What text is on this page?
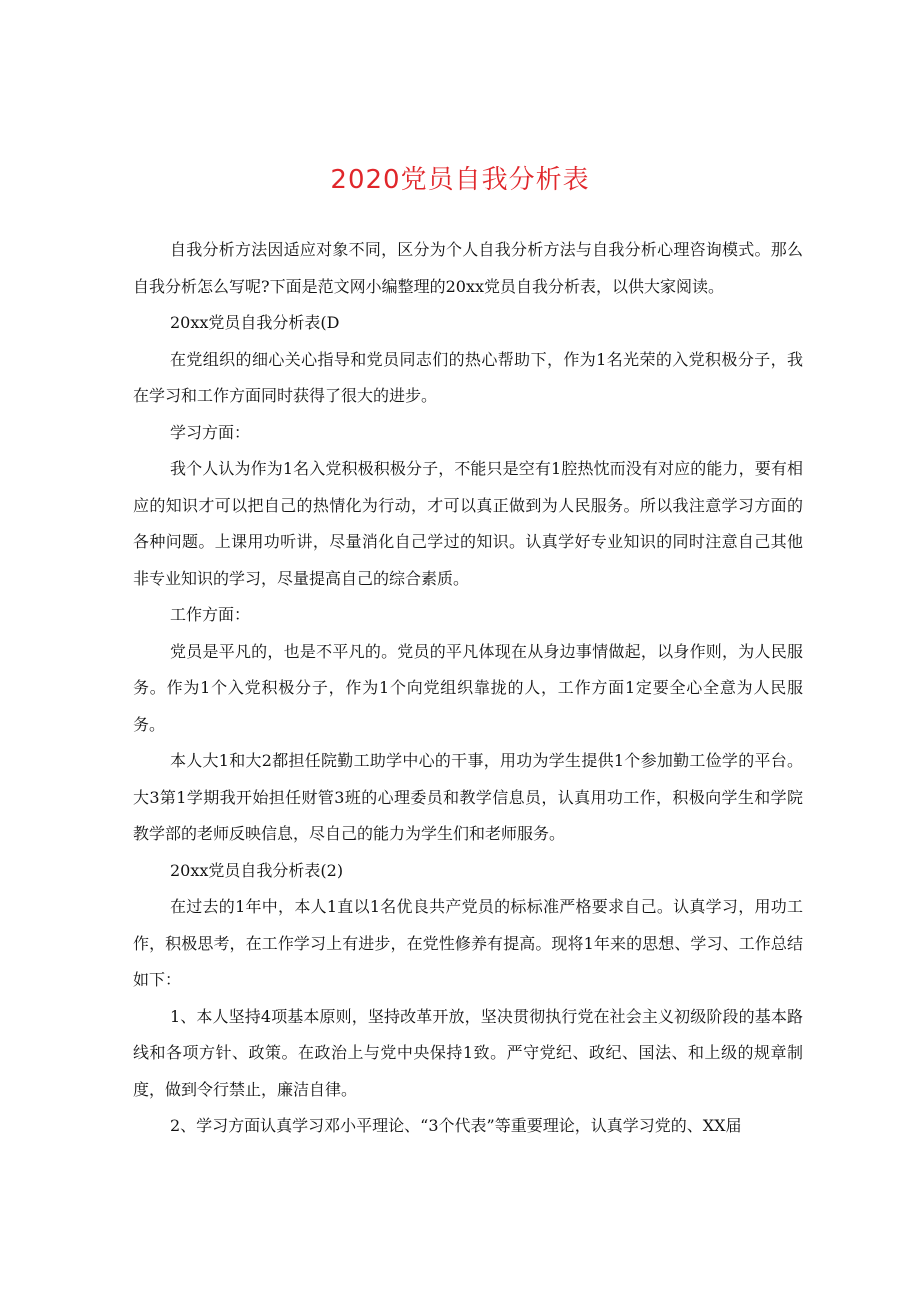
2020党员自我分析表

自我分析方法因适应对象不同，区分为个人自我分析方法与自我分析心理咨询模式。那么自我分析怎么写呢?下面是范文网小编整理的20xx党员自我分析表，以供大家阅读。

20xx党员自我分析表(D

在党组织的细心关心指导和党员同志们的热心帮助下，作为1名光荣的入党积极分子，我在学习和工作方面同时获得了很大的进步。

学习方面：

我个人认为作为1名入党积极积极分子，不能只是空有1腔热忱而没有对应的能力，要有相应的知识才可以把自己的热情化为行动，才可以真正做到为人民服务。所以我注意学习方面的各种问题。上课用功听讲，尽量消化自己学过的知识。认真学好专业知识的同时注意自己其他非专业知识的学习，尽量提高自己的综合素质。

工作方面：

党员是平凡的，也是不平凡的。党员的平凡体现在从身边事情做起，以身作则，为人民服务。作为1个入党积极分子，作为1个向党组织靠拢的人，工作方面1定要全心全意为人民服务。

本人大1和大2都担任院勤工助学中心的干事，用功为学生提供1个参加勤工俭学的平台。大3第1学期我开始担任财管3班的心理委员和教学信息员，认真用功工作，积极向学生和学院教学部的老师反映信息，尽自己的能力为学生们和老师服务。

20xx党员自我分析表(2)

在过去的1年中，本人1直以1名优良共产党员的标标准严格要求自己。认真学习，用功工作，积极思考，在工作学习上有进步，在党性修养有提高。现将1年来的思想、学习、工作总结如下：

1、本人坚持4项基本原则，坚持改革开放，坚决贯彻执行党在社会主义初级阶段的基本路线和各项方针、政策。在政治上与党中央保持1致。严守党纪、政纪、国法、和上级的规章制度，做到令行禁止，廉洁自律。

2、学习方面认真学习邓小平理论、“3个代表”等重要理论，认真学习党的、XX届
